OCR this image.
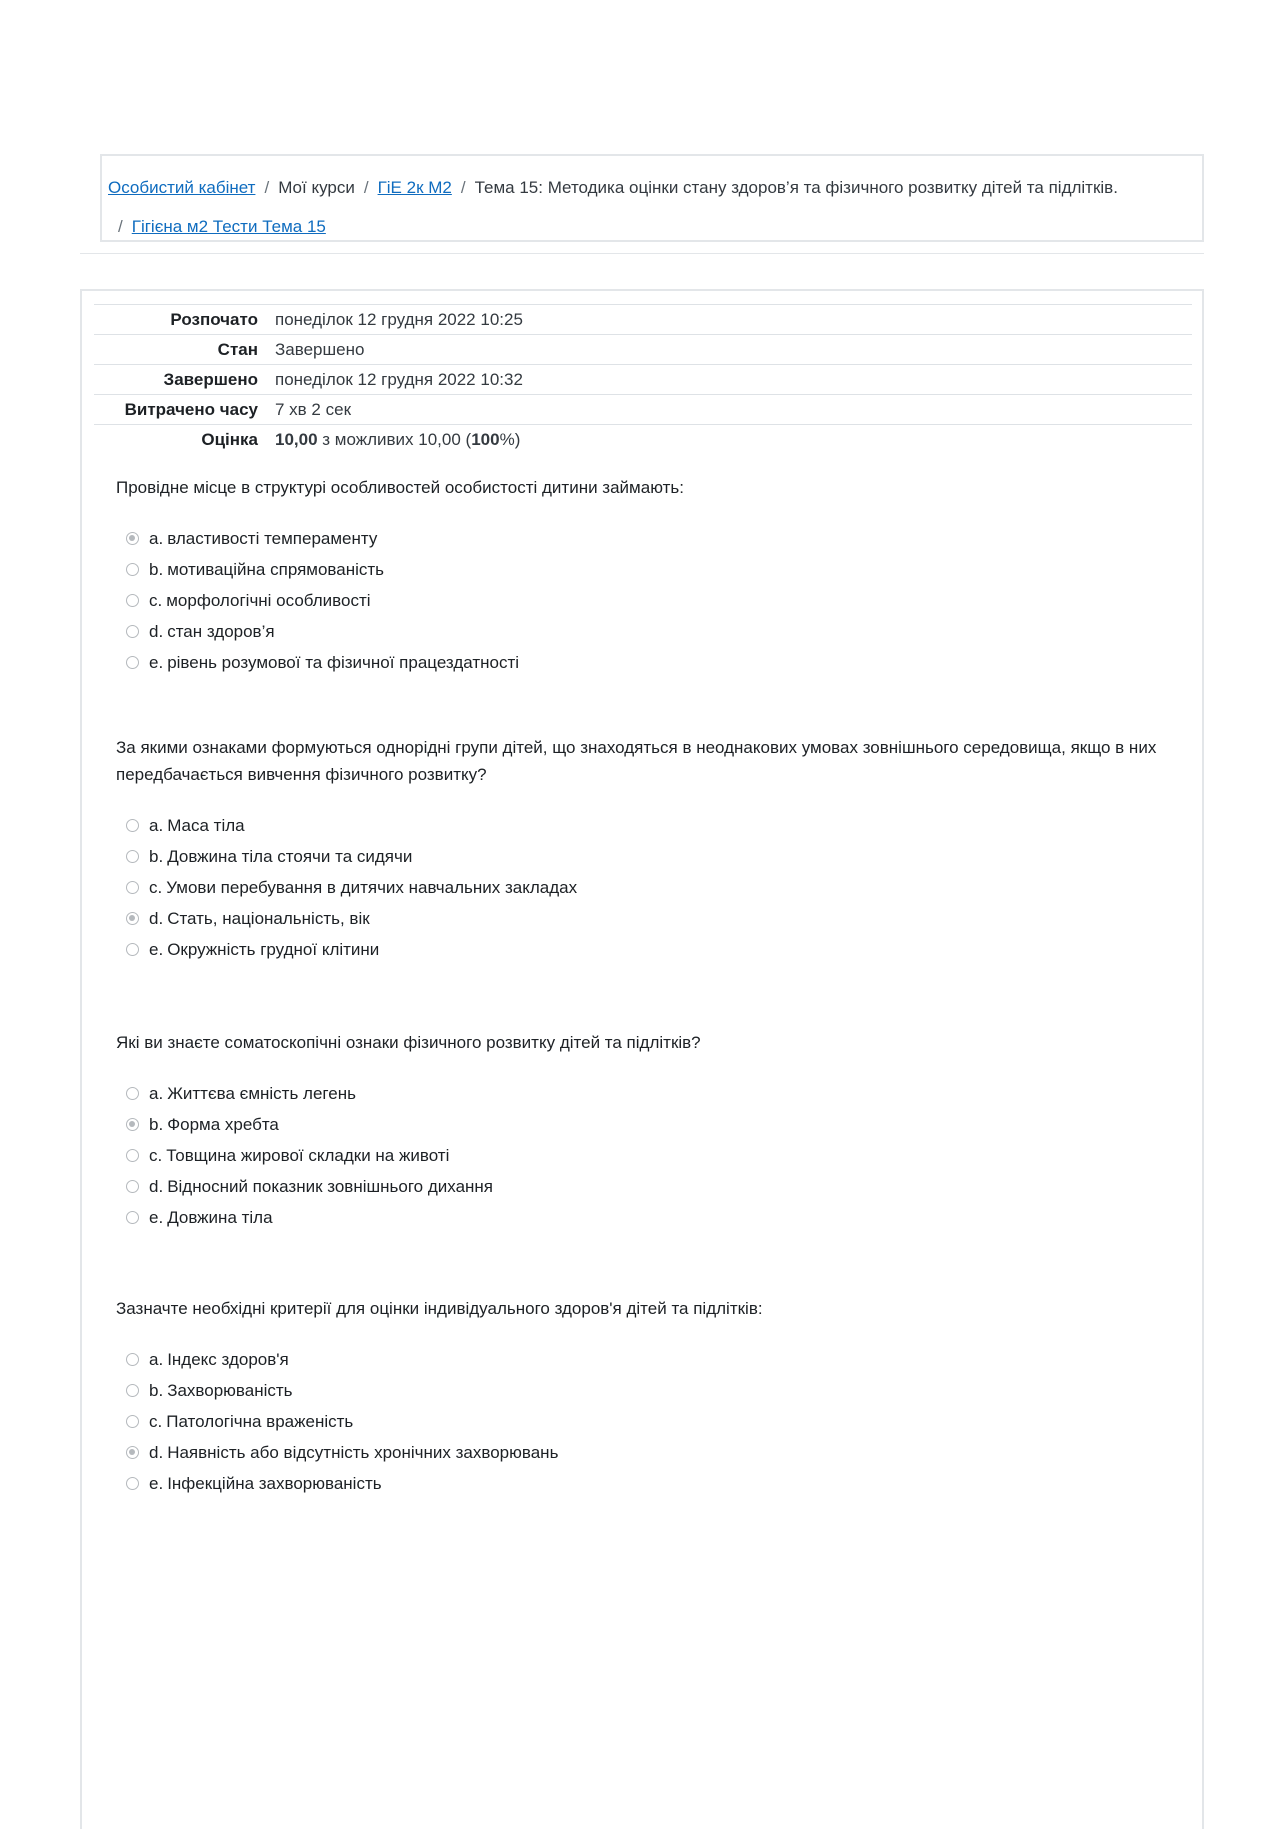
Особистий кабінет / Мої курси / ГіЕ 2к М2 / Тема 15: Методика оцінки стану здоров’я та фізичного розвитку дітей та підлітків.
/ Гігієна м2 Тести Тема 15
Розпочато	понеділок 12 грудня 2022 10:25
Стан	Завершено
Завершено	понеділок 12 грудня 2022 10:32
Витрачено часу	7 хв 2 сек
Оцінка	10,00 з можливих 10,00 (100%)
Провідне місце в структурі особливостей особистості дитини займають:
a. властивості темпераменту
b. мотиваційна спрямованість
c. морфологічні особливості
d. стан здоров’я
e. рівень розумової та фізичної працездатності
За якими ознаками формуються однорідні групи дітей, що знаходяться в неоднакових умовах зовнішнього середовища, якщо в них передбачається вивчення фізичного розвитку?
a. Маса тіла
b. Довжина тіла стоячи та сидячи
c. Умови перебування в дитячих навчальних закладах
d. Стать, національність, вік
e. Окружність грудної клітини
Які ви знаєте соматоскопічні ознаки фізичного розвитку дітей та підлітків?
a. Життєва ємність легень
b. Форма хребта
c. Товщина жирової складки на животі
d. Відносний показник зовнішнього дихання
e. Довжина тіла
Зазначте необхідні критерії для оцінки індивідуального здоров'я дітей та підлітків:
a. Індекс здоров'я
b. Захворюваність
c. Патологічна враженість
d. Наявність або відсутність хронічних захворювань
e. Інфекційна захворюваність
